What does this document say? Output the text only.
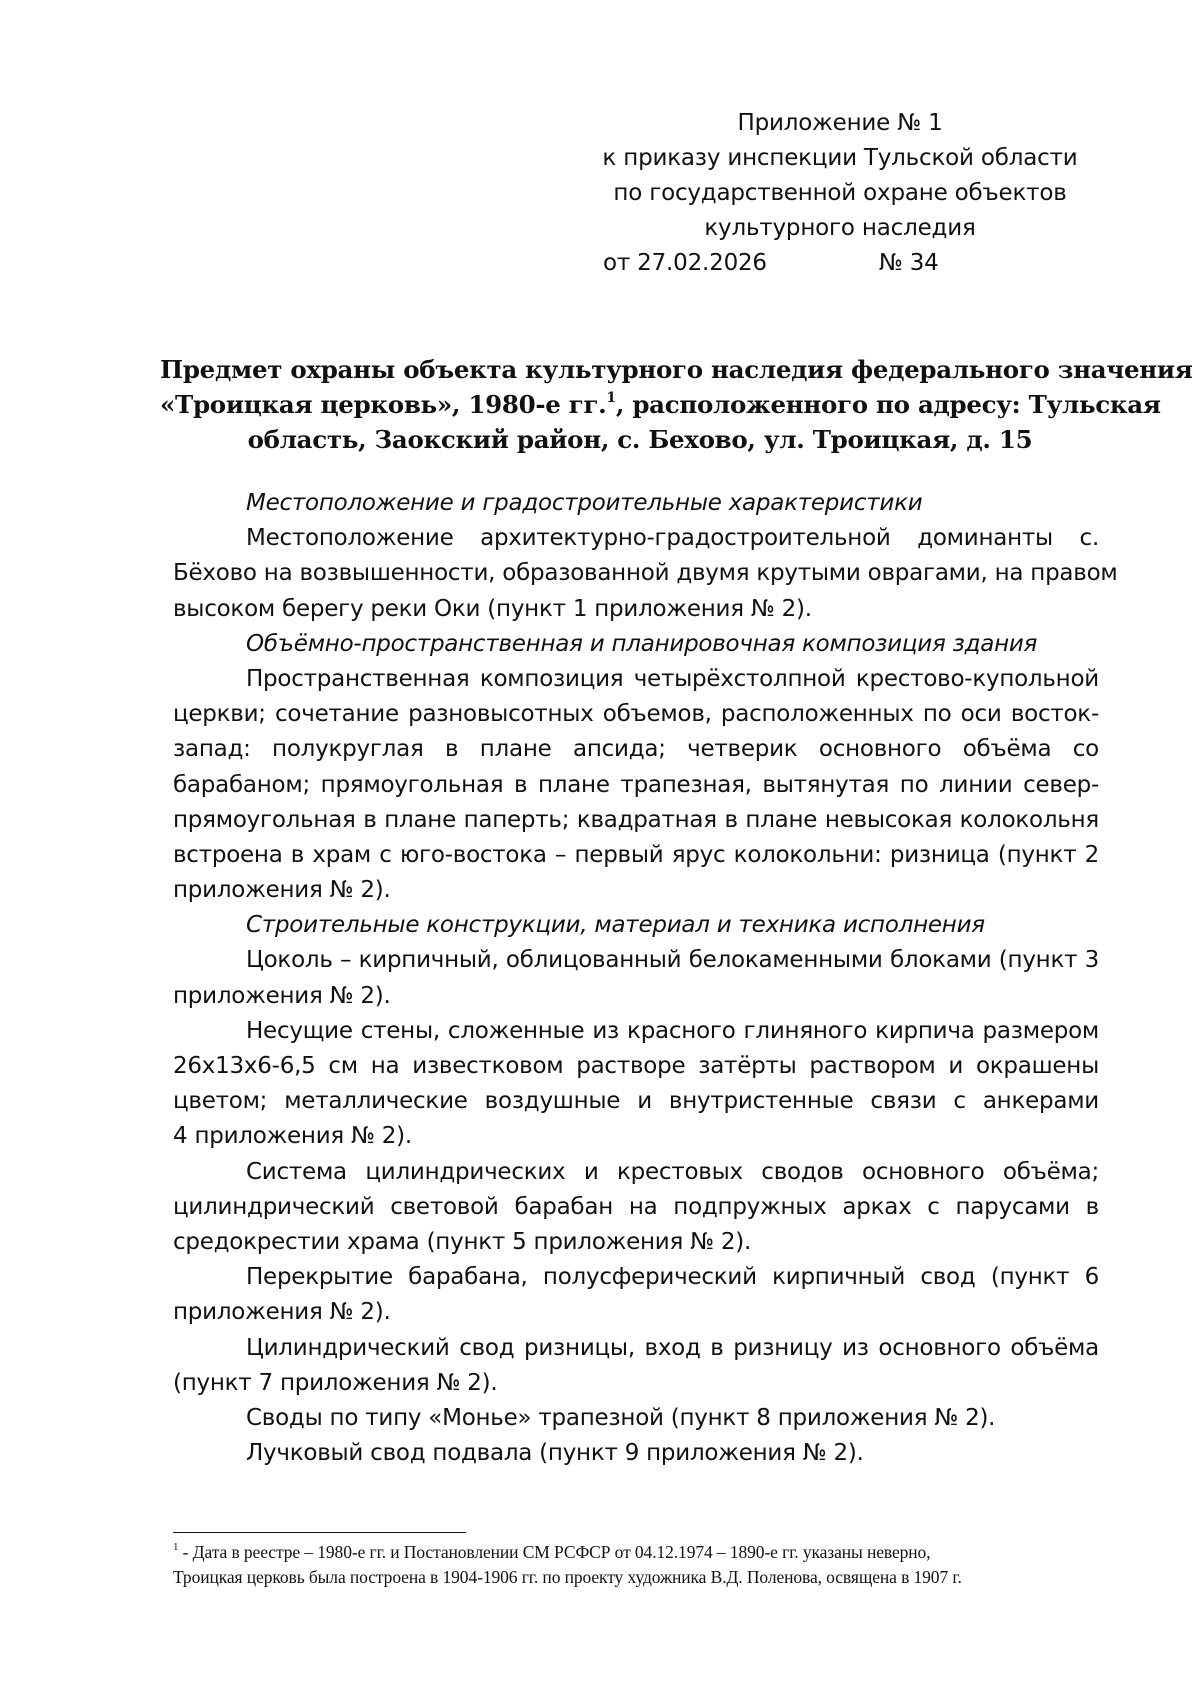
Приложение № 1
к приказу инспекции Тульской области
по государственной охране объектов
культурного наследия
от 27.02.2026	№ 34
Предмет охраны объекта культурного наследия федерального значения
«Троицкая церковь», 1980-е гг.$^1$, расположенного по адресу: Тульская
область, Заокский район, с. Бехово, ул. Троицкая, д. 15
Местоположение и градостроительные характеристики
Местоположение архитектурно-градостроительной доминанты с.
Бёхово на возвышенности, образованной двумя крутыми оврагами, на правом
высоком берегу реки Оки (пункт 1 приложения № 2).
Объёмно-пространственная и планировочная композиция здания
Пространственная композиция четырёхстолпной крестово-купольной
церкви; сочетание разновысотных объемов, расположенных по оси восток-
запад: полукруглая в плане апсида; четверик основного объёма со
барабаном; прямоугольная в плане трапезная, вытянутая по линии север-
прямоугольная в плане паперть; квадратная в плане невысокая колокольня
встроена в храм с юго-востока – первый ярус колокольни: ризница (пункт 2
приложения № 2).
Строительные конструкции, материал и техника исполнения
Цоколь – кирпичный, облицованный белокаменными блоками (пункт 3
приложения № 2).
Несущие стены, сложенные из красного глиняного кирпича размером
26х13х6-6,5 см на известковом растворе затёрты раствором и окрашены
цветом; металлические воздушные и внутристенные связи с анкерами
4 приложения № 2).
Система цилиндрических и крестовых сводов основного объёма;
цилиндрический световой барабан на подпружных арках с парусами в
средокрестии храма (пункт 5 приложения № 2).
Перекрытие барабана, полусферический кирпичный свод (пункт 6
приложения № 2).
Цилиндрический свод ризницы, вход в ризницу из основного объёма
(пункт 7 приложения № 2).
Своды по типу «Монье» трапезной (пункт 8 приложения № 2).
Лучковый свод подвала (пункт 9 приложения № 2).
$^1$ - Дата в реестре – 1980-е гг. и Постановлении СМ РСФСР от 04.12.1974 – 1890-е гг. указаны неверно,
Троицкая церковь была построена в 1904-1906 гг. по проекту художника В.Д. Поленова, освящена в 1907 г.
